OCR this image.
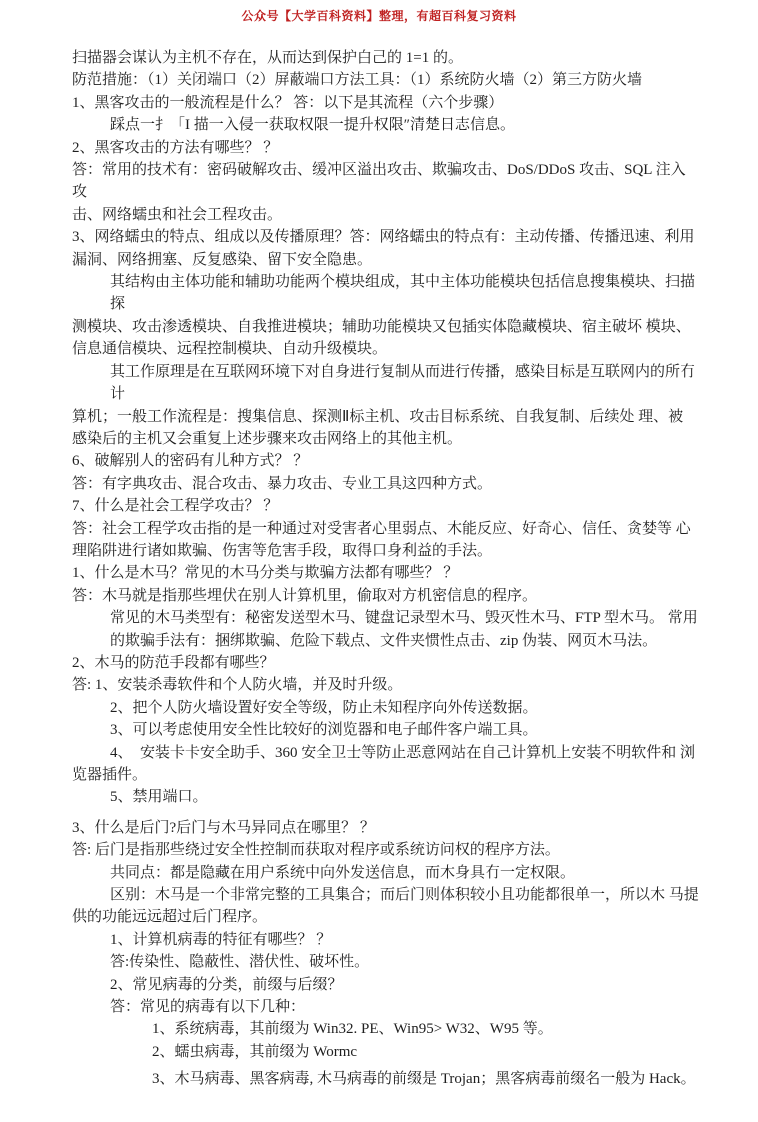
公众号【大学百科资料】整理，有超百科复习资料
扫描器会谋认为主机不存在，从而达到保护白己的 1=1 的。
防范措施：（1）关闭端口（2）屏蔽端口方法工具：（1）系统防火墙（2）第三方防火墙
1、黑客攻击的一般流程是什么？ 答：以下是其流程（六个步骤）
踩点一扌「I 描一入侵一获取权限一提升权限″清楚日志信息。
2、黑客攻击的方法有哪些？ ？
答：常用的技术有：密码破解攻击、缓冲区溢出攻击、欺骗攻击、DoS/DDoS 攻击、SQL 注入 攻
击、网络蠕虫和社会工程攻击。
3、网络蠕虫的特点、组成以及传播原理？答：网络蠕虫的特点有：主动传播、传播迅速、利用
漏洞、网络拥塞、反复感染、留下安全隐患。
其结构由主体功能和辅助功能两个模块组成，其中主体功能模块包括信息搜集模块、扫描探
测模块、攻击渗透模块、自我推进模块；辅助功能模块又包插实体隐藏模块、宿主破坏 模块、
信息通信模块、远程控制模块、自动升级模块。
其工作原理是在互联网环境下对自身进行复制从而进行传播，感染目标是互联网内的所冇计
算机；一般工作流程是：搜集信息、探测Ⅱ标主机、攻击目标系统、自我复制、后续处 理、被
感染后的主机又会重复上述步骤来攻击网络上的其他主机。
6、破解别人的密码有儿种方式？ ？
答：有字典攻击、混合攻击、暴力攻击、专业工具这四种方式。
7、什么是社会工程学攻击？ ？
答：社会工程学攻击指的是一种通过对受害者心里弱点、木能反应、好奇心、信任、贪婪等 心
理陷阱进行诸如欺骗、伤害等危害手段，取得口身利益的手法。
1、什么是木马？常见的木马分类与欺骗方法都有哪些？ ？
答：木马就是指那些埋伏在别人计算机里，偷取对方机密信息的程序。
常见的木马类型有：秘密发送型木马、键盘记录型木马、毁灭性木马、FTP 型木马。 常用
的欺骗手法有：捆绑欺骗、危险下载点、文件夹惯性点击、zip 伪装、网页木马法。
2、木马的防范手段都有哪些？
答: 1、安装杀毒软件和个人防火墙，并及时升级。
2、把个人防火墙设置好安全等级，防止未知程序向外传送数据。
3、可以考虑使用安全性比较好的浏览器和电子邮件客户端工具。
4、  安装卡卡安全助手、360 安全卫士等防止恶意网站在自己计算机上安装不明软件和 浏
览器插件。
5、禁用端口。
3、什么是后门?后门与木马异同点在哪里？ ？
答: 后门是指那些绕过安全性控制而获取对程序或系统访问权的程序方法。
共同点：都是隐藏在用户系统中向外发送信息，而木身具冇一定权限。
区别：木马是一个非常完整的工具集合；而后门则体积较小且功能都很单一，所以木 马提
供的功能远远超过后门程序。
1、计算机病毒的特征有哪些？ ？
答:传染性、隐蔽性、潜伏性、破坏性。
2、常见病毒的分类，前缀与后缀？
答：常见的病毒有以下几种：
1、系统病毒，其前缀为 Win32. PE、Win95> W32、W95 等。
2、蠕虫病毒，其前缀为 Wormc
3、木马病毒、黑客病毒, 木马病毒的前缀是 Trojan；黑客病毒前缀名一般为 Hack。
